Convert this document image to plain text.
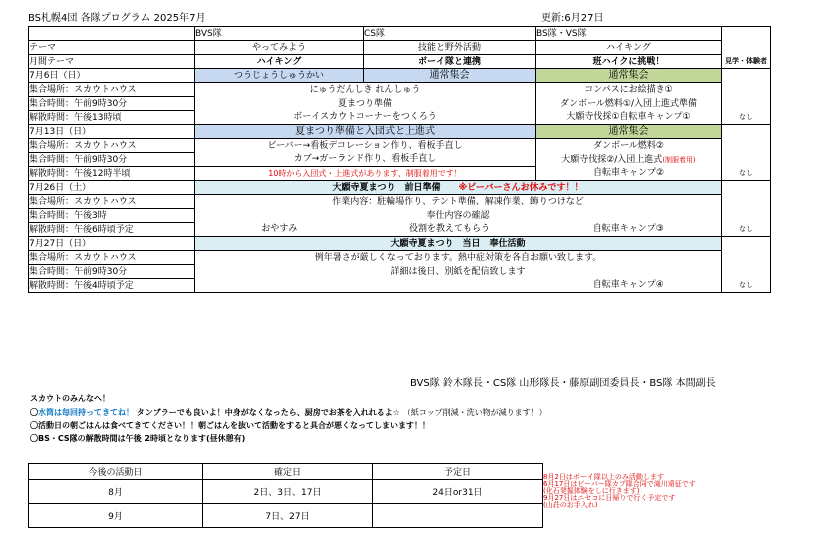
BS札幌4団 各隊プログラム 2025年7月	更新:6月27日
	BVS隊	CS隊	BS隊・VS隊	
テーマ	やってみよう	技能と野外活動	ハイキング	
月間テーマ	ハイキング	ボーイ隊と連携	班ハイクに挑戦！	見学・体験者
7月6日（日）	つうじょうしゅうかい	通常集会	通常集会	
集合場所：スカウトハウス	にゅうだんしき れんしゅう		コンパスにお絵描き①	
集合時間：午前9時30分	夏まつり準備		ダンボール燃料①/入団上進式準備	
解散時間：午後13時頃	ボーイスカウトコーナーをつくろう		大願寺伐採①自転車キャンプ①	なし
7月13日（日）	夏まつり準備と入団式と上進式		通常集会	
集合場所：スカウトハウス	ビーバー→看板デコレーション作り、看板手直し		ダンボール燃料②	
集合時間：午前9時30分	カブ→ガーランド作り、看板手直し		大願寺伐採②/入団上進式(制服着用)	
解散時間：午後12時半頃	10時から入団式・上進式があります、制服着用です！		自転車キャンプ②	なし
7月26日（土）	大願寺夏まつり　前日準備　　 ※ビーバーさんお休みです！！			
集合場所：スカウトハウス	作業内容：駐輪場作り、テント準備、解凍作業、飾りつけなど			
集合時間：午後3時	奉仕内容の確認			
解散時間：午後6時頃予定	おやすみ	役割を教えてもらう	自転車キャンプ③	なし
7月27日（日）	大願寺夏まつり　当日　奉仕活動			
集合場所：スカウトハウス	例年暑さが厳しくなっております。熱中症対策を各自お願い致します。			
集合時間：午前9時30分	詳細は後日、別紙を配信致します			
解散時間：午後4時頃予定			自転車キャンプ④	なし
BVS隊 鈴木隊長・CS隊 山形隊長・藤原副団委員長・BS隊 本間副長
スカウトのみんなへ！
〇水筒は毎回持ってきてね！ タンブラーでも良いよ！中身がなくなったら、厨房でお茶を入れれるよ☆ （紙コップ削減・洗い物が減ります！）
〇活動日の朝ごはんは食べてきてください！！朝ごはんを抜いて活動をすると具合が悪くなってしまいます！！
〇BS・CS隊の解散時間は午後 2時頃となります(昼休憩有)
今後の活動日	確定日	予定日
8月	2日、3日、17日	24日or31日
9月	7日、27日	
8月2日はボーイ隊以上のみ活動します
6月17日はビーバー隊カブ隊合同で滝川遠征です
(化石発掘体験をしに行きます)
9月27日はニセコに日帰りで行く予定です
(山荘のお手入れ)
